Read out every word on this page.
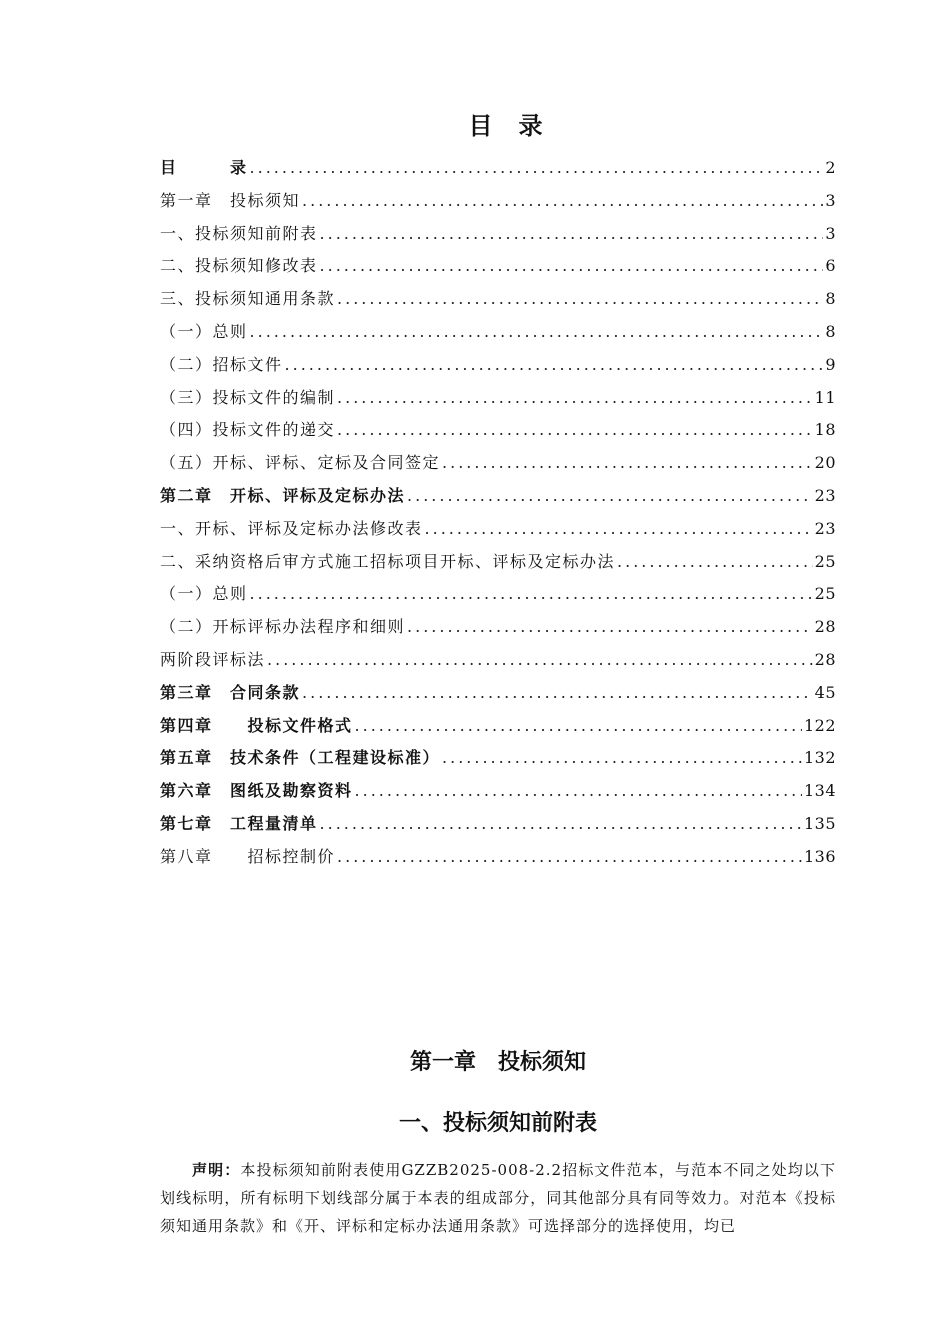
目　录
目　　　录 .....	2
第一章　投标须知 .....	3
一、投标须知前附表 .....	3
二、投标须知修改表 .....	6
三、投标须知通用条款 .....	8
（一）总则 .....	8
（二）招标文件 .....	9
（三）投标文件的编制 .....	11
（四）投标文件的递交 .....	18
（五）开标、评标、定标及合同签定 .....	20
第二章　开标、评标及定标办法 .....	23
一、开标、评标及定标办法修改表 .....	23
二、采纳资格后审方式施工招标项目开标、评标及定标办法 .....	25
（一）总则 .....	25
（二）开标评标办法程序和细则 .....	28
两阶段评标法 .....	28
第三章　合同条款 .....	45
第四章　　投标文件格式 .....	122
第五章　技术条件（工程建设标准） .....	132
第六章　图纸及勘察资料 .....	134
第七章　工程量清单 .....	135
第八章　　招标控制价 .....	136
第一章　投标须知
一、投标须知前附表
声明：本投标须知前附表使用GZZB2025-008-2.2招标文件范本，与范本不同之处均以下划线标明，所有标明下划线部分属于本表的组成部分，同其他部分具有同等效力。对范本《投标须知通用条款》和《开、评标和定标办法通用条款》可选择部分的选择使用，均已
